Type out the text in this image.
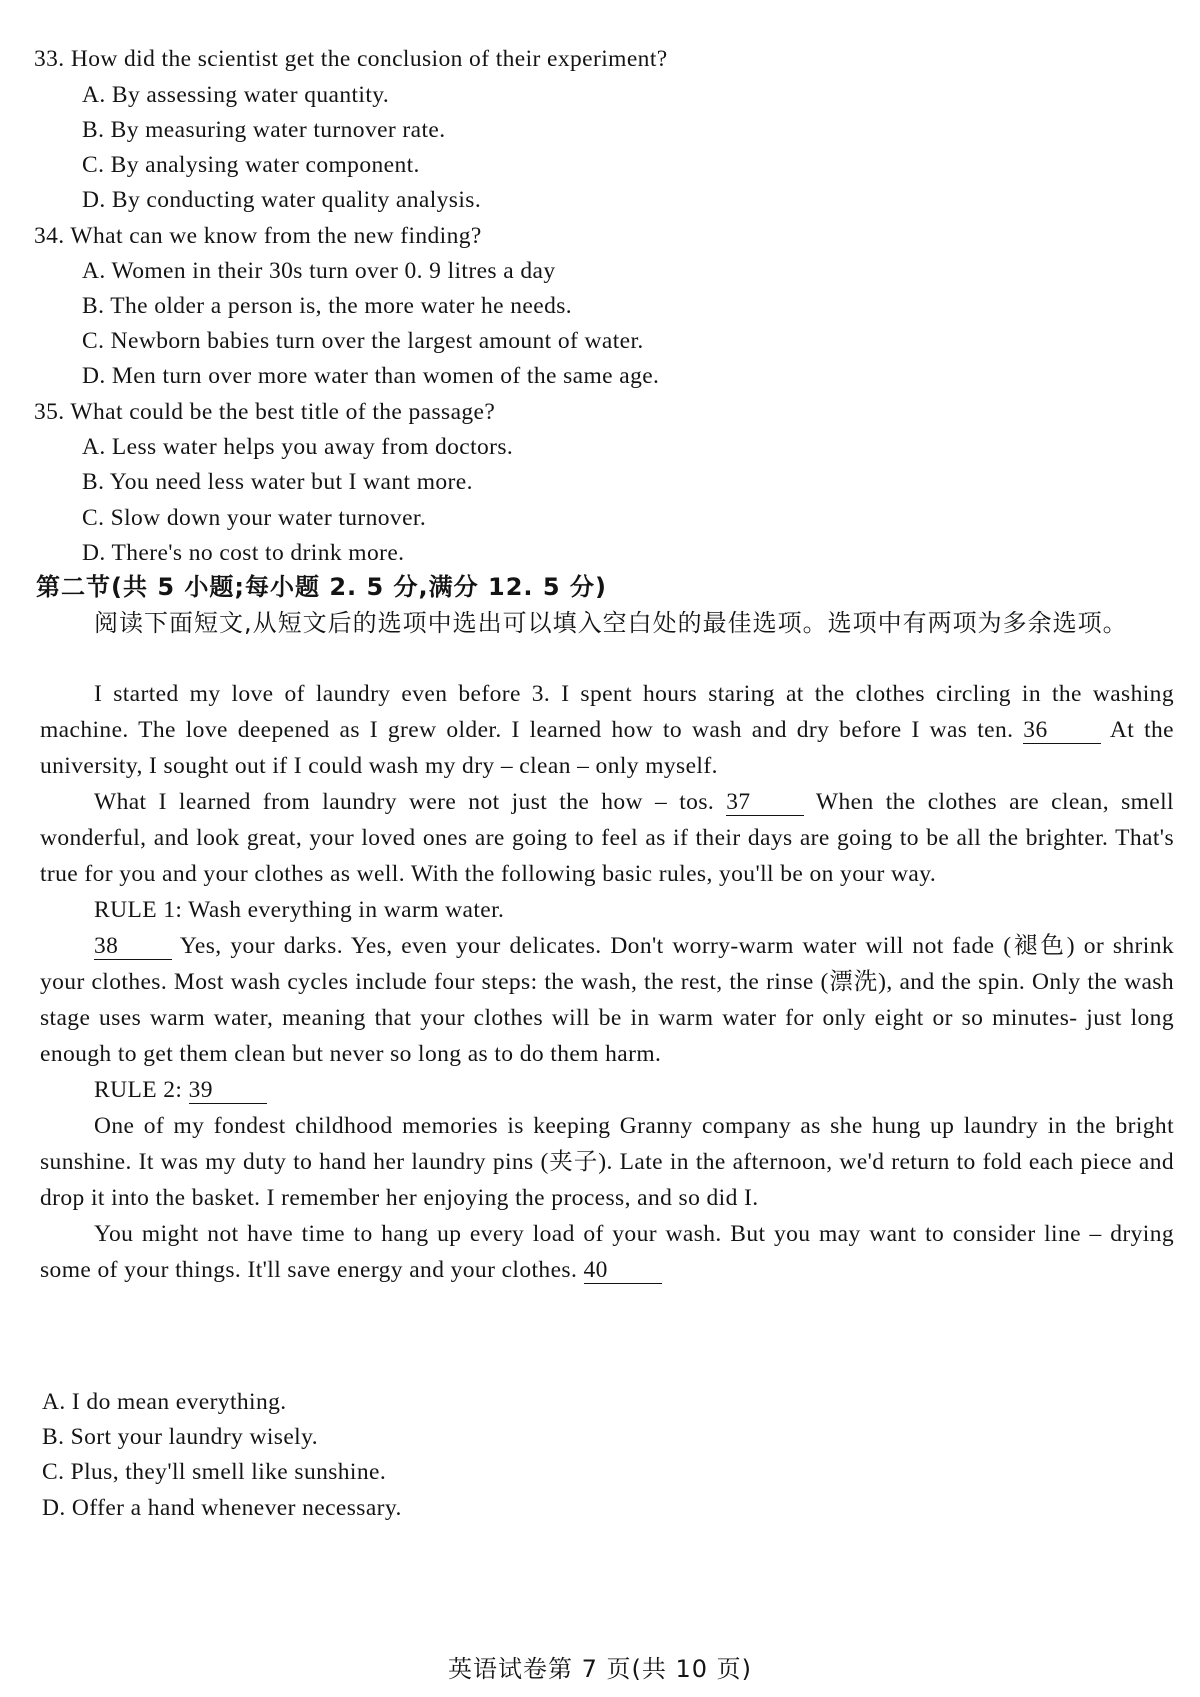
33. How did the scientist get the conclusion of their experiment?
A. By assessing water quantity.
B. By measuring water turnover rate.
C. By analysing water component.
D. By conducting water quality analysis.
34. What can we know from the new finding?
A. Women in their 30s turn over 0. 9 litres a day
B. The older a person is, the more water he needs.
C. Newborn babies turn over the largest amount of water.
D. Men turn over more water than women of the same age.
35. What could be the best title of the passage?
A. Less water helps you away from doctors.
B. You need less water but I want more.
C. Slow down your water turnover.
D. There's no cost to drink more.
第二节(共 5 小题;每小题 2. 5 分,满分 12. 5 分)

阅读下面短文,从短文后的选项中选出可以填入空白处的最佳选项。选项中有两项为多余选项。

I started my love of laundry even before 3. I spent hours staring at the clothes circling in the washing machine. The love deepened as I grew older. I learned how to wash and dry before I was ten. 36	At the university, I sought out if I could wash my dry – clean – only myself.

What I learned from laundry were not just the how – tos. 37	When the clothes are clean, smell wonderful, and look great, your loved ones are going to feel as if their days are going to be all the brighter. That's true for you and your clothes as well. With the following basic rules, you'll be on your way.

RULE 1: Wash everything in warm water.

38	Yes, your darks. Yes, even your delicates. Don't worry-warm water will not fade (褪色) or shrink your clothes. Most wash cycles include four steps: the wash, the rest, the rinse (漂洗), and the spin. Only the wash stage uses warm water, meaning that your clothes will be in warm water for only eight or so minutes- just long enough to get them clean but never so long as to do them harm.

RULE 2: 39

One of my fondest childhood memories is keeping Granny company as she hung up laundry in the bright sunshine. It was my duty to hand her laundry pins (夹子). Late in the afternoon, we'd return to fold each piece and drop it into the basket. I remember her enjoying the process, and so did I.

You might not have time to hang up every load of your wash. But you may want to consider line – drying some of your things. It'll save energy and your clothes. 40

A. I do mean everything.
B. Sort your laundry wisely.
C. Plus, they'll smell like sunshine.
D. Offer a hand whenever necessary.
英语试卷第 7 页(共 10 页)
